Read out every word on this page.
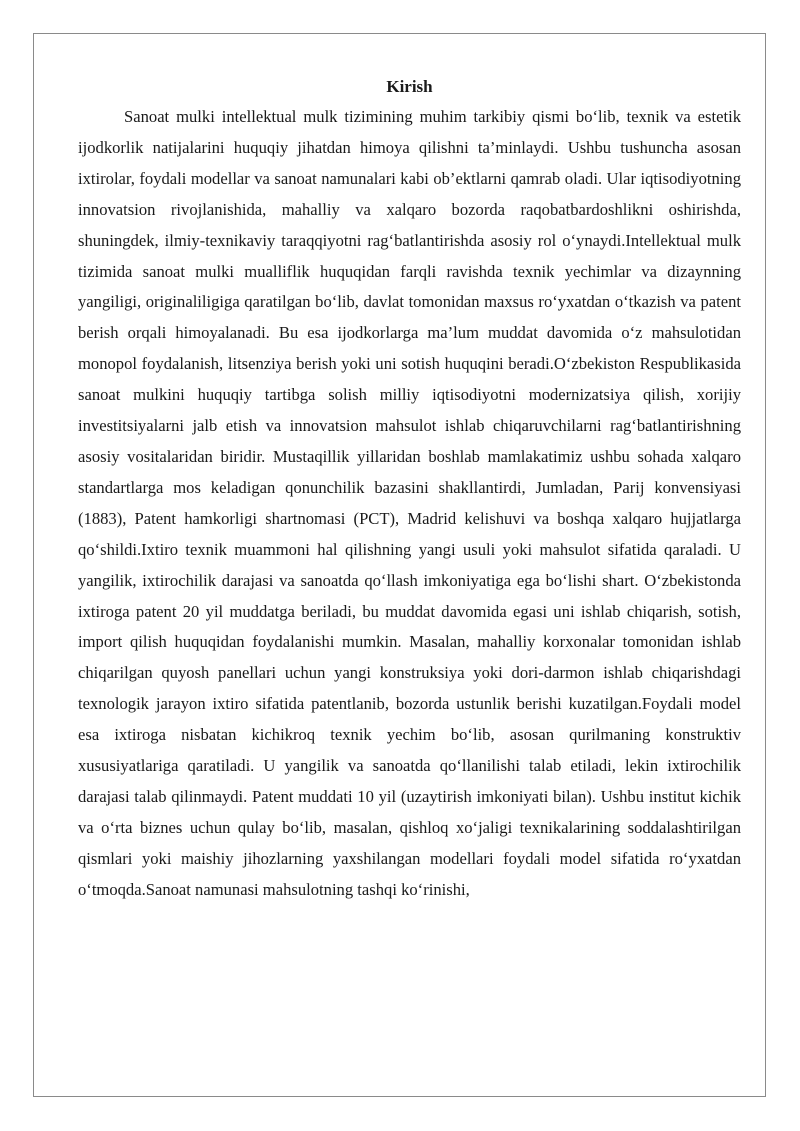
Kirish

Sanoat mulki intellektual mulk tizimining muhim tarkibiy qismi bo‘lib, texnik va estetik ijodkorlik natijalarini huquqiy jihatdan himoya qilishni ta’minlaydi. Ushbu tushuncha asosan ixtirolar, foydali modellar va sanoat namunalari kabi ob’ektlarni qamrab oladi. Ular iqtisodiyotning innovatsion rivojlanishida, mahalliy va xalqaro bozorda raqobatbardoshlikni oshirishda, shuningdek, ilmiy-texnikaviy taraqqiyotni rag‘batlantirishda asosiy rol o‘ynaydi.Intellektual mulk tizimida sanoat mulki mualliflik huquqidan farqli ravishda texnik yechimlar va dizaynning yangiligi, originaliligiga qaratilgan bo‘lib, davlat tomonidan maxsus ro‘yxatdan o‘tkazish va patent berish orqali himoyalanadi. Bu esa ijodkorlarga ma’lum muddat davomida o‘z mahsulotidan monopol foydalanish, litsenziya berish yoki uni sotish huquqini beradi.O‘zbekiston Respublikasida sanoat mulkini huquqiy tartibga solish milliy iqtisodiyotni modernizatsiya qilish, xorijiy investitsiyalarni jalb etish va innovatsion mahsulot ishlab chiqaruvchilarni rag‘batlantirishning asosiy vositalaridan biridir. Mustaqillik yillaridan boshlab mamlakatimiz ushbu sohada xalqaro standartlarga mos keladigan qonunchilik bazasini shakllantirdi, Jumladan, Parij konvensiyasi (1883), Patent hamkorligi shartnomasi (PCT), Madrid kelishuvi va boshqa xalqaro hujjatlarga qo‘shildi.Ixtiro texnik muammoni hal qilishning yangi usuli yoki mahsulot sifatida qaraladi. U yangilik, ixtirochilik darajasi va sanoatda qo‘llash imkoniyatiga ega bo‘lishi shart. O‘zbekistonda ixtiroga patent 20 yil muddatga beriladi, bu muddat davomida egasi uni ishlab chiqarish, sotish, import qilish huquqidan foydalanishi mumkin. Masalan, mahalliy korxonalar tomonidan ishlab chiqarilgan quyosh panellari uchun yangi konstruksiya yoki dori-darmon ishlab chiqarishdagi texnologik jarayon ixtiro sifatida patentlanib, bozorda ustunlik berishi kuzatilgan.Foydali model esa ixtiroga nisbatan kichikroq texnik yechim bo‘lib, asosan qurilmaning konstruktiv xususiyatlariga qaratiladi. U yangilik va sanoatda qo‘llanilishi talab etiladi, lekin ixtirochilik darajasi talab qilinmaydi. Patent muddati 10 yil (uzaytirish imkoniyati bilan). Ushbu institut kichik va o‘rta biznes uchun qulay bo‘lib, masalan, qishloq xo‘jaligi texnikalarining soddalashtirilgan qismlari yoki maishiy jihozlarning yaxshilangan modellari foydali model sifatida ro‘yxatdan o‘tmoqda.Sanoat namunasi mahsulotning tashqi ko‘rinishi,
